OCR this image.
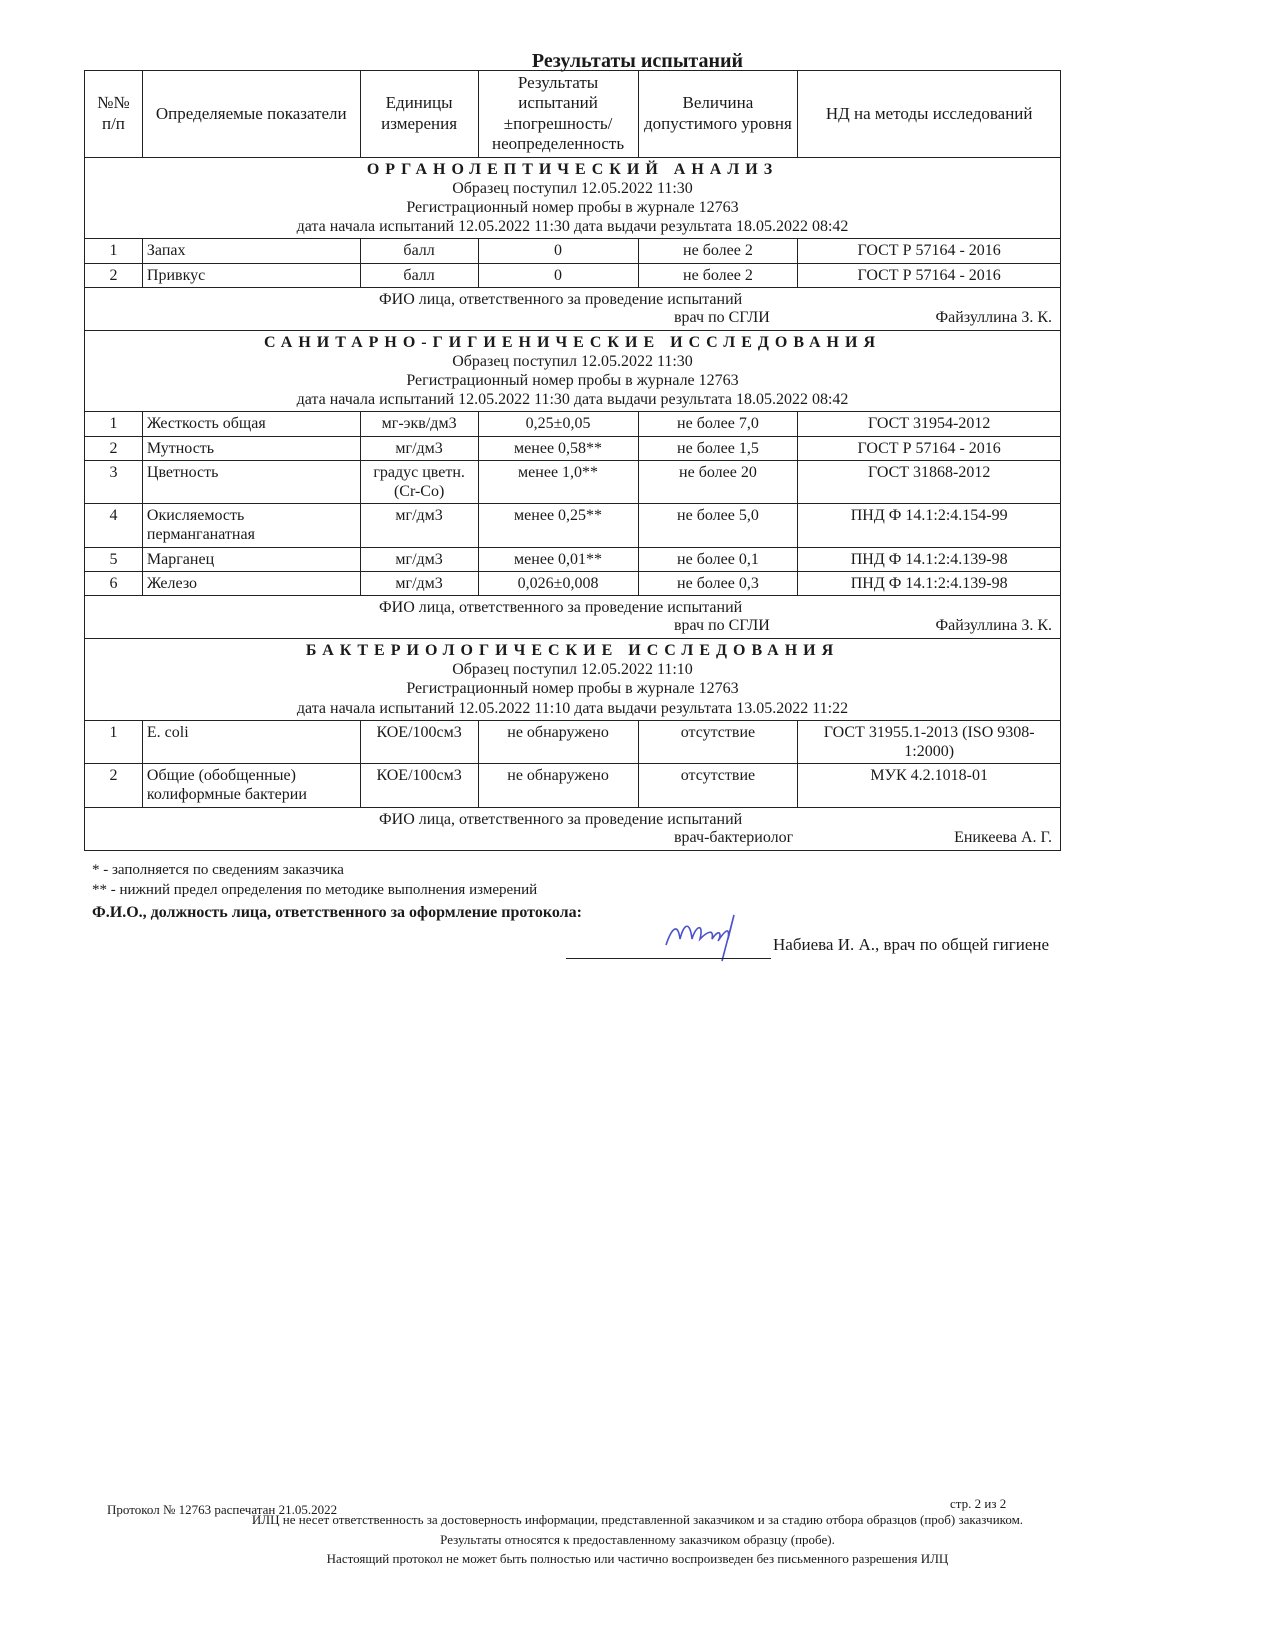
Результаты испытаний
№№ п/п	Определяемые показатели	Единицы измерения	Результаты испытаний ±погрешность/ неопределенность	Величина допустимого уровня	НД на методы исследований

ОРГАНОЛЕПТИЧЕСКИЙ АНАЛИЗ
Образец поступил 12.05.2022 11:30
Регистрационный номер пробы в журнале 12763
дата начала испытаний 12.05.2022 11:30 дата выдачи результата 18.05.2022 08:42					

1	Запах	балл	0	не более 2	ГОСТ Р 57164 - 2016
2	Привкус	балл	0	не более 2	ГОСТ Р 57164 - 2016

ФИО лица, ответственного за проведение испытаний
врач по СГЛИ Файзуллина З. К.					

САНИТАРНО-ГИГИЕНИЧЕСКИЕ ИССЛЕДОВАНИЯ
Образец поступил 12.05.2022 11:30
Регистрационный номер пробы в журнале 12763
дата начала испытаний 12.05.2022 11:30 дата выдачи результата 18.05.2022 08:42					

1	Жесткость общая	мг-экв/дм3	0,25±0,05	не более 7,0	ГОСТ 31954-2012
2	Мутность	мг/дм3	менее 0,58**	не более 1,5	ГОСТ Р 57164 - 2016
3	Цветность	градус цветн.(Cr-Co)	менее 1,0**	не более 20	ГОСТ 31868-2012
4	Окисляемость перманганатная	мг/дм3	менее 0,25**	не более 5,0	ПНД Ф 14.1:2:4.154-99
5	Марганец	мг/дм3	менее 0,01**	не более 0,1	ПНД Ф 14.1:2:4.139-98
6	Железо	мг/дм3	0,026±0,008	не более 0,3	ПНД Ф 14.1:2:4.139-98

ФИО лица, ответственного за проведение испытаний
врач по СГЛИ Файзуллина З. К.					

БАКТЕРИОЛОГИЧЕСКИЕ ИССЛЕДОВАНИЯ
Образец поступил 12.05.2022 11:10
Регистрационный номер пробы в журнале 12763
дата начала испытаний 12.05.2022 11:10 дата выдачи результата 13.05.2022 11:22					

1	E. coli	КОЕ/100см3	не обнаружено	отсутствие	ГОСТ 31955.1-2013 (ISO 9308-1:2000)
2	Общие (обобщенные) колиформные бактерии	КОЕ/100см3	не обнаружено	отсутствие	МУК 4.2.1018-01

ФИО лица, ответственного за проведение испытаний
врач-бактериолог Еникеева А. Г.					
* - заполняется по сведениям заказчика
** - нижний предел определения по методике выполнения измерений
Ф.И.О., должность лица, ответственного за оформление протокола:
Набиева И. А., врач по общей гигиене
Протокол № 12763 распечатан 21.05.2022	стр. 2 из 2
ИЛЦ не несет ответственность за достоверность информации, представленной заказчиком и за стадию отбора образцов (проб) заказчиком.
Результаты относятся к предоставленному заказчиком образцу (пробе).
Настоящий протокол не может быть полностью или частично воспроизведен без письменного разрешения ИЛЦ
